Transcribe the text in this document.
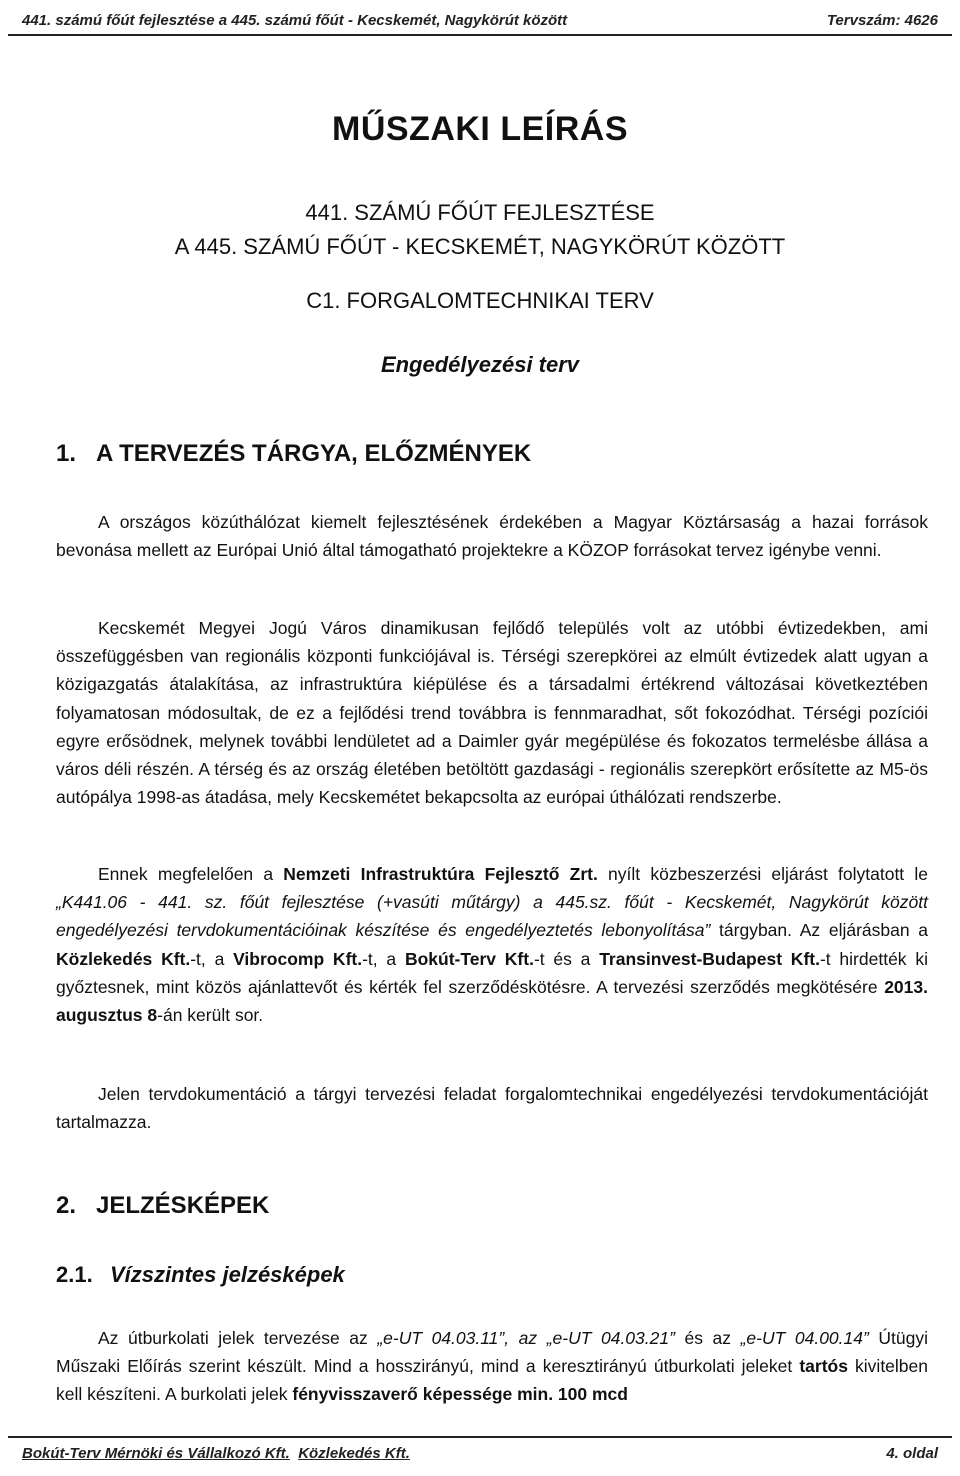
441. számú főút fejlesztése a 445. számú főút - Kecskemét, Nagykörút között	Tervszám: 4626
MŰSZAKI LEÍRÁS
441. SZÁMÚ FŐÚT FEJLESZTÉSE
A 445. SZÁMÚ FŐÚT - KECSKEMÉT, NAGYKÖRÚT KÖZÖTT
C1. FORGALOMTECHNIKAI TERV
Engedélyezési terv
1. A TERVEZÉS TÁRGYA, ELŐZMÉNYEK

A országos közúthálózat kiemelt fejlesztésének érdekében a Magyar Köztársaság a hazai források bevonása mellett az Európai Unió által támogatható projektekre a KÖZOP forrásokat tervez igénybe venni.

Kecskemét Megyei Jogú Város dinamikusan fejlődő település volt az utóbbi évtizedekben, ami összefüggésben van regionális központi funkciójával is. Térségi szerepkörei az elmúlt évtizedek alatt ugyan a közigazgatás átalakítása, az infrastruktúra kiépülése és a társadalmi értékrend változásai következtében folyamatosan módosultak, de ez a fejlődési trend továbbra is fennmaradhat, sőt fokozódhat. Térségi pozíciói egyre erősödnek, melynek további lendületet ad a Daimler gyár megépülése és fokozatos termelésbe állása a város déli részén. A térség és az ország életében betöltött gazdasági - regionális szerepkört erősítette az M5-ös autópálya 1998-as átadása, mely Kecskemétet bekapcsolta az európai úthálózati rendszerbe.

Ennek megfelelően a Nemzeti Infrastruktúra Fejlesztő Zrt. nyílt közbeszerzési eljárást folytatott le „K441.06 - 441. sz. főút fejlesztése (+vasúti műtárgy) a 445.sz. főút - Kecskemét, Nagykörút között engedélyezési tervdokumentációinak készítése és engedélyeztetés lebonyolítása” tárgyban. Az eljárásban a Közlekedés Kft.-t, a Vibrocomp Kft.-t, a Bokút-Terv Kft.-t és a Transinvest-Budapest Kft.-t hirdették ki győztesnek, mint közös ajánlattevőt és kérték fel szerződéskötésre. A tervezési szerződés megkötésére 2013. augusztus 8-án került sor.

Jelen tervdokumentáció a tárgyi tervezési feladat forgalomtechnikai engedélyezési tervdokumentációját tartalmazza.

2. JELZÉSKÉPEK
2.1. Vízszintes jelzésképek

Az útburkolati jelek tervezése az „e-UT 04.03.11”, az „e-UT 04.03.21” és az „e-UT 04.00.14” Útügyi Műszaki Előírás szerint készült. Mind a hosszirányú, mind a keresztirányú útburkolati jeleket tartós kivitelben kell készíteni. A burkolati jelek fényvisszaverő képessége min. 100 mcd

Bokút-Terv Mérnöki és Vállalkozó Kft. Közlekedés Kft.	4. oldal
